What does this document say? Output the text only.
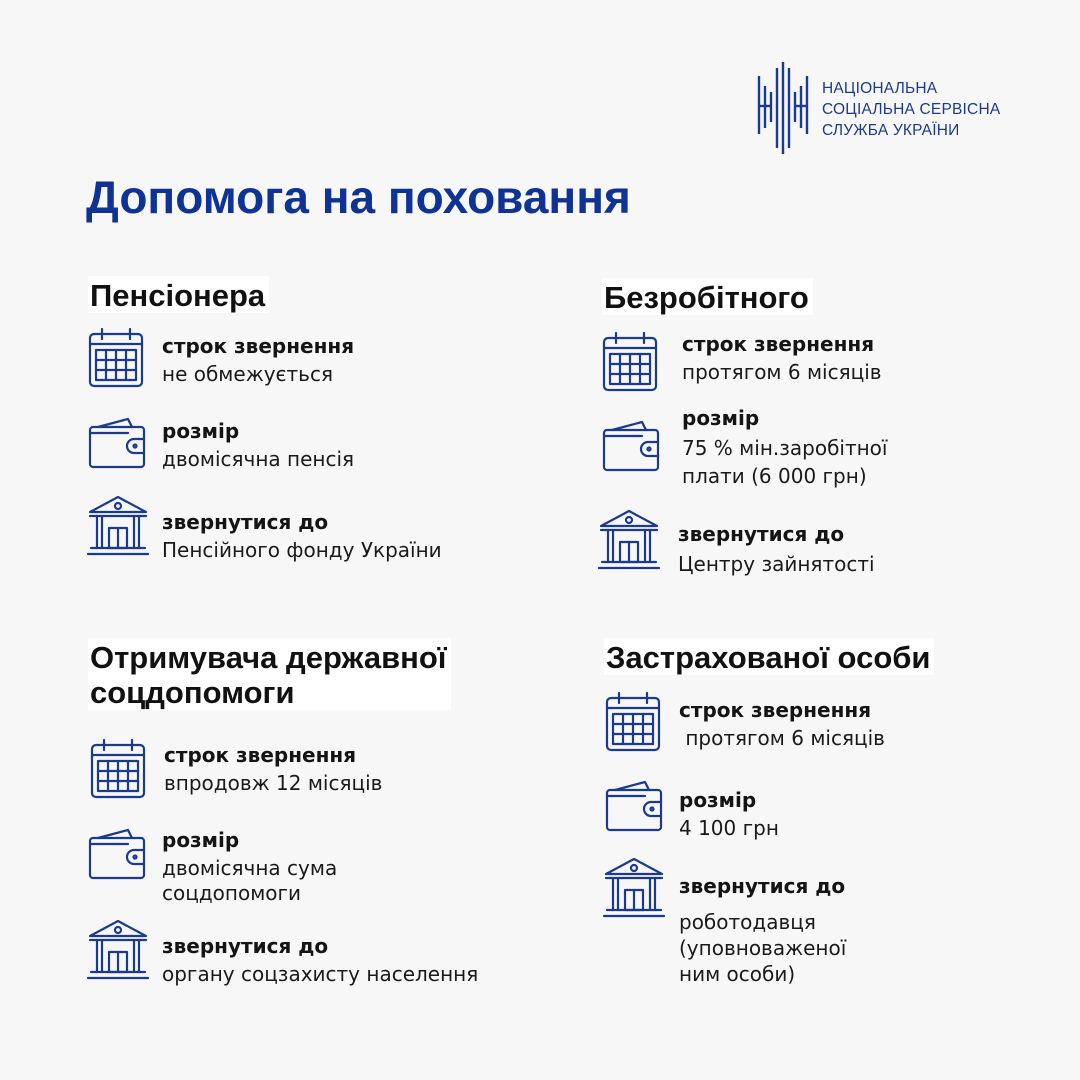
НАЦІОНАЛЬНА
СОЦІАЛЬНА СЕРВІСНА
СЛУЖБА УКРАЇНИ
Допомога на поховання
Пенсіонера
строк звернення
не обмежується
розмір
двомісячна пенсія
звернутися до
Пенсійного фонду України
Безробітного
строк звернення
протягом 6 місяців
розмір
75 % мін.заробітної
плати (6 000 грн)
звернутися до
Центру зайнятості
Отримувача державної
соцдопомоги
строк звернення
впродовж 12 місяців
розмір
двомісячна сума
соцдопомоги
звернутися до
органу соцзахисту населення
Застрахованої особи
строк звернення
протягом 6 місяців
розмір
4 100 грн
звернутися до
роботодавця
(уповноваженої
ним особи)
